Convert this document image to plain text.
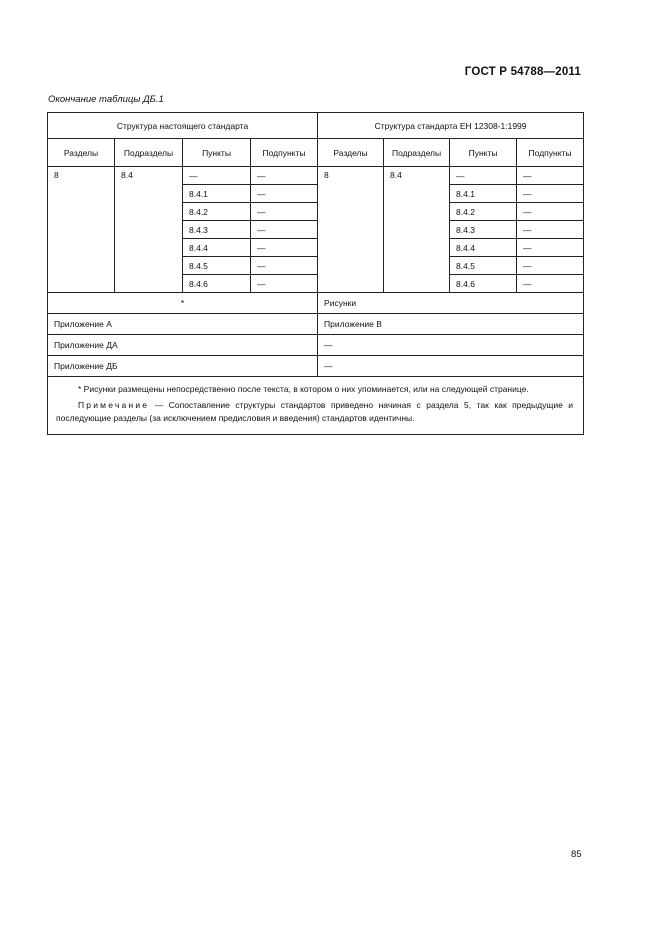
ГОСТ Р 54788—2011
Окончание таблицы ДБ.1
Структура настоящего стандарта				Структура стандарта ЕН 12308-1:1999			
Разделы	Подразделы	Пункты	Подпункты	Разделы	Подразделы	Пункты	Подпункты
8	8.4	—	—	8	8.4	—	—
		8.4.1	—			8.4.1	—
		8.4.2	—			8.4.2	—
		8.4.3	—			8.4.3	—
		8.4.4	—			8.4.4	—
		8.4.5	—			8.4.5	—
		8.4.6	—			8.4.6	—
*				Рисунки			
Приложение А				Приложение В			
Приложение ДА				—			
Приложение ДБ				—			

* Рисунки размещены непосредственно после текста, в котором о них упоминается, или на следующей странице.

Примечание — Сопоставление структуры стандартов приведено начиная с раздела 5, так как предыдущие и последующие разделы (за исключением предисловия и введения) стандартов идентичны.							

85
